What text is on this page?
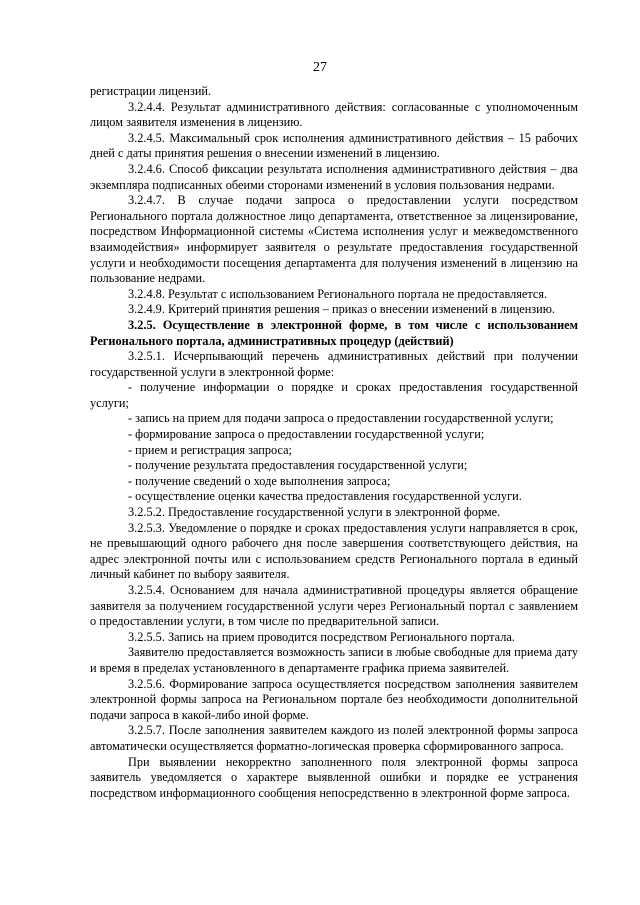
27

регистрации лицензий.

3.2.4.4. Результат административного действия: согласованные с уполномоченным лицом заявителя изменения в лицензию.

3.2.4.5. Максимальный срок исполнения административного действия – 15 рабочих дней с даты принятия решения о внесении изменений в лицензию.

3.2.4.6. Способ фиксации результата исполнения административного действия – два экземпляра подписанных обеими сторонами изменений в условия пользования недрами.

3.2.4.7. В случае подачи запроса о предоставлении услуги посредством Регионального портала должностное лицо департамента, ответственное за лицензирование, посредством Информационной системы «Система исполнения услуг и межведомственного взаимодействия» информирует заявителя о результате предоставления государственной услуги и необходимости посещения департамента для получения изменений в лицензию на пользование недрами.

3.2.4.8. Результат с использованием Регионального портала не предоставляется.

3.2.4.9. Критерий принятия решения – приказ о внесении изменений в лицензию.

3.2.5. Осуществление в электронной форме, в том числе с использованием Регионального портала, административных процедур (действий)

3.2.5.1. Исчерпывающий перечень административных действий при получении государственной услуги в электронной форме:

- получение информации о порядке и сроках предоставления государственной услуги;

- запись на прием для подачи запроса о предоставлении государственной услуги;

- формирование запроса о предоставлении государственной услуги;

- прием и регистрация запроса;

- получение результата предоставления государственной услуги;

- получение сведений о ходе выполнения запроса;

- осуществление оценки качества предоставления государственной услуги.

3.2.5.2. Предоставление государственной услуги в электронной форме.

3.2.5.3. Уведомление о порядке и сроках предоставления услуги направляется в срок, не превышающий одного рабочего дня после завершения соответствующего действия, на адрес электронной почты или с использованием средств Регионального портала в единый личный кабинет по выбору заявителя.

3.2.5.4. Основанием для начала административной процедуры является обращение заявителя за получением государственной услуги через Региональный портал с заявлением о предоставлении услуги, в том числе по предварительной записи.

3.2.5.5. Запись на прием проводится посредством Регионального портала.

Заявителю предоставляется возможность записи в любые свободные для приема дату и время в пределах установленного в департаменте графика приема заявителей.

3.2.5.6. Формирование запроса осуществляется посредством заполнения заявителем электронной формы запроса на Региональном портале без необходимости дополнительной подачи запроса в какой-либо иной форме.

3.2.5.7. После заполнения заявителем каждого из полей электронной формы запроса автоматически осуществляется форматно-логическая проверка сформированного запроса.

При выявлении некорректно заполненного поля электронной формы запроса заявитель уведомляется о характере выявленной ошибки и порядке ее устранения посредством информационного сообщения непосредственно в электронной форме запроса.
